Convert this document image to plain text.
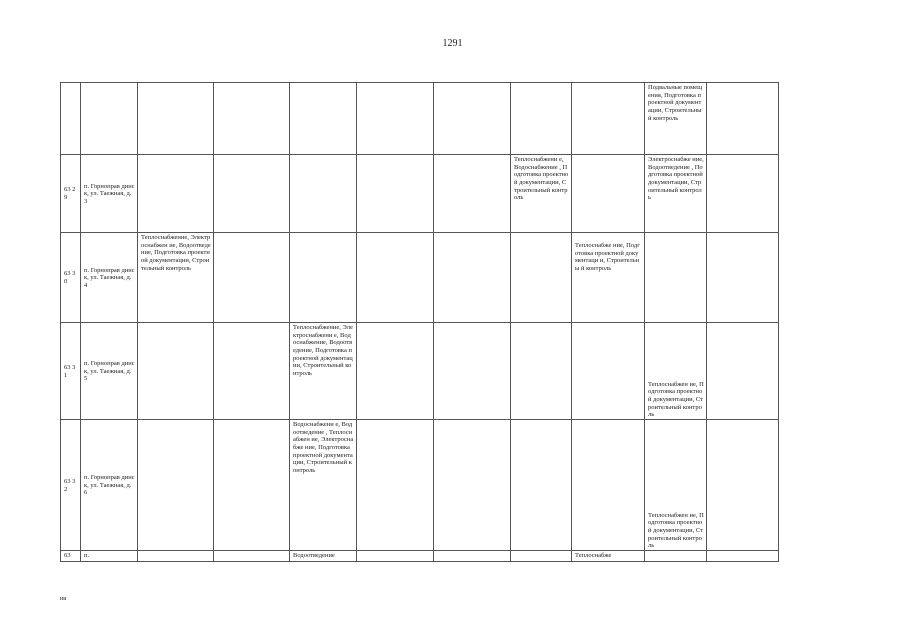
1291
									Подвальные помещения, Подготовка проектной документации, Строительный контроль	
63 29	п. Горноправ динск, ул. Таежная, д. 3						Теплоснабжени е, Водоснабжение , Подготовка проектной документации, Строительный контроль		Электроснабже ние, Водоотведение , Подготовка проектной документации, Строительный контроль	
63 30	п. Горноправ динск, ул. Таежная, д. 4	Теплоснабжение, Электроснабжен ие, Водоотведение, Подготовка проектной документации, Строительный контроль						Теплоснабже ние, Подготовка проектной документаци и, Строительны й контроль		
63 31	п. Горноправ динск, ул. Таежная, д. 5			Теплоснабжение, Электроснабжени е, Водоснабжение, Водоотведение, Подготовка проектной документации, Строительный контроль					Теплоснабжен ие, Подготовка проектной документации, Строительный контроль	
63 32	п. Горноправ динск, ул. Таежная, д. 6			Водоснабжени е, Водоотведение , Теплоснабжен ие, Электроснабже ние, Подготовка проектной документации, Строительный контроль					Теплоснабжен ие, Подготовка проектной документации, Строительный контроль	
63	п.			Водоотведение				Теплоснабже		
ии
